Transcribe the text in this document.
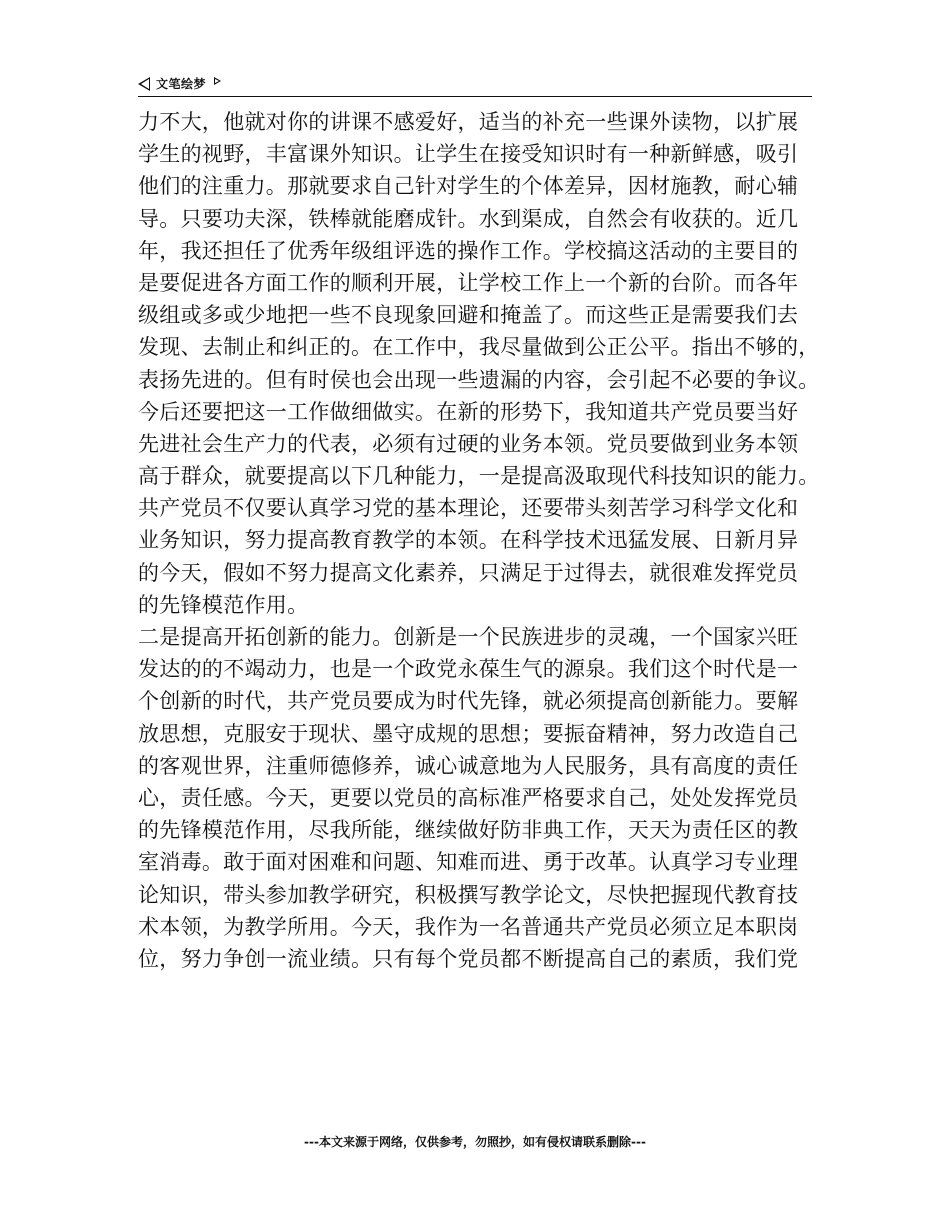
文笔绘梦
力不大，他就对你的讲课不感爱好，适当的补充一些课外读物，以扩展
学生的视野，丰富课外知识。让学生在接受知识时有一种新鲜感，吸引
他们的注重力。那就要求自己针对学生的个体差异，因材施教，耐心辅
导。只要功夫深，铁棒就能磨成针。水到渠成，自然会有收获的。近几
年，我还担任了优秀年级组评选的操作工作。学校搞这活动的主要目的
是要促进各方面工作的顺利开展，让学校工作上一个新的台阶。而各年
级组或多或少地把一些不良现象回避和掩盖了。而这些正是需要我们去
发现、去制止和纠正的。在工作中，我尽量做到公正公平。指出不够的，
表扬先进的。但有时侯也会出现一些遗漏的内容，会引起不必要的争议。
今后还要把这一工作做细做实。在新的形势下，我知道共产党员要当好
先进社会生产力的代表，必须有过硬的业务本领。党员要做到业务本领
高于群众，就要提高以下几种能力，一是提高汲取现代科技知识的能力。
共产党员不仅要认真学习党的基本理论，还要带头刻苦学习科学文化和
业务知识，努力提高教育教学的本领。在科学技术迅猛发展、日新月异
的今天，假如不努力提高文化素养，只满足于过得去，就很难发挥党员
的先锋模范作用。
二是提高开拓创新的能力。创新是一个民族进步的灵魂，一个国家兴旺
发达的的不竭动力，也是一个政党永葆生气的源泉。我们这个时代是一
个创新的时代，共产党员要成为时代先锋，就必须提高创新能力。要解
放思想，克服安于现状、墨守成规的思想；要振奋精神，努力改造自己
的客观世界，注重师德修养，诚心诚意地为人民服务，具有高度的责任
心，责任感。今天，更要以党员的高标准严格要求自己，处处发挥党员
的先锋模范作用，尽我所能，继续做好防非典工作，天天为责任区的教
室消毒。敢于面对困难和问题、知难而进、勇于改革。认真学习专业理
论知识，带头参加教学研究，积极撰写教学论文，尽快把握现代教育技
术本领，为教学所用。今天，我作为一名普通共产党员必须立足本职岗
位，努力争创一流业绩。只有每个党员都不断提高自己的素质，我们党
---本文来源于网络，仅供参考，勿照抄，如有侵权请联系删除---
